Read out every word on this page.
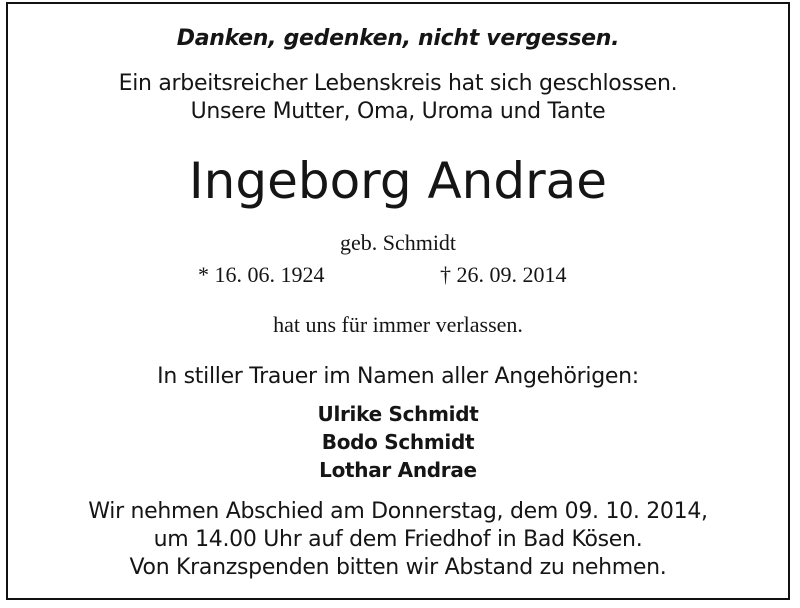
Danken, gedenken, nicht vergessen.
Ein arbeitsreicher Lebenskreis hat sich geschlossen.
Unsere Mutter, Oma, Uroma und Tante
Ingeborg Andrae
geb. Schmidt
* 16. 06. 1924	† 26. 09. 2014
hat uns für immer verlassen.
In stiller Trauer im Namen aller Angehörigen:
Ulrike Schmidt
Bodo Schmidt
Lothar Andrae
Wir nehmen Abschied am Donnerstag, dem 09. 10. 2014,
um 14.00 Uhr auf dem Friedhof in Bad Kösen.
Von Kranzspenden bitten wir Abstand zu nehmen.
